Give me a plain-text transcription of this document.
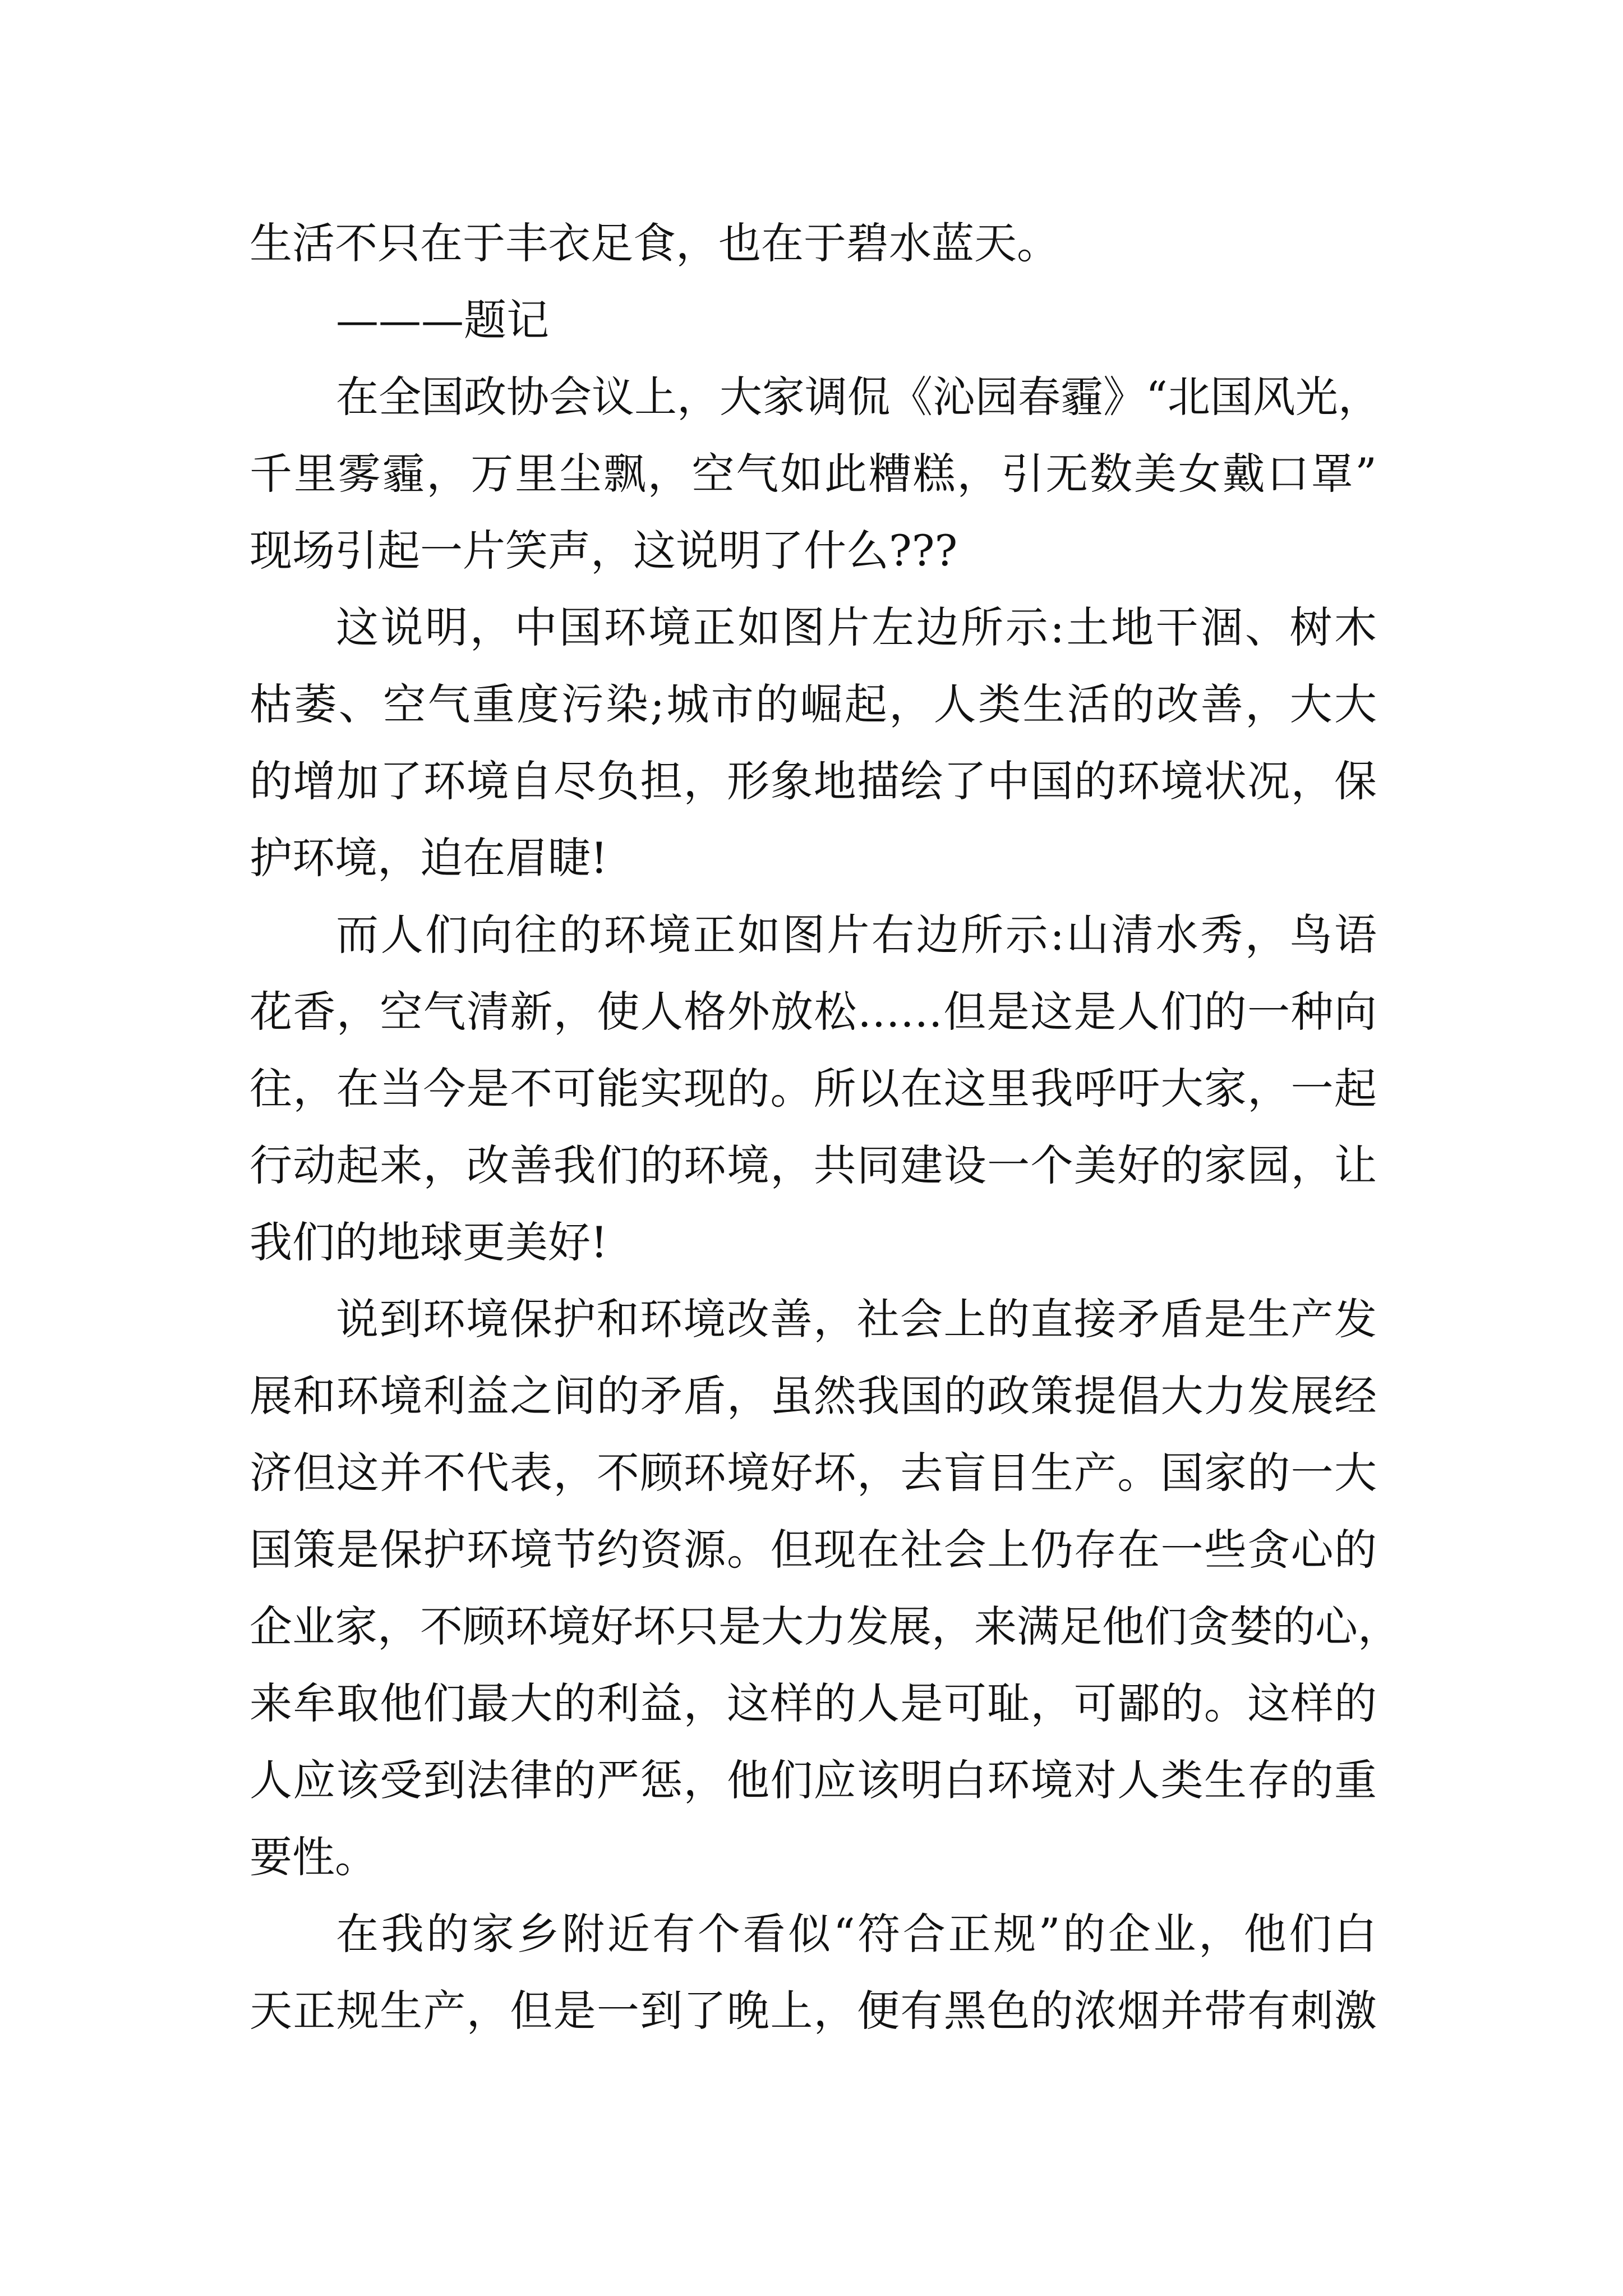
生活不只在于丰衣足食，也在于碧水蓝天。
———题记
在全国政协会议上，大家调侃《沁园春霾》“北国风光，
千里雾霾，万里尘飘，空气如此糟糕，引无数美女戴口罩”
现场引起一片笑声，这说明了什么???
这说明，中国环境正如图片左边所示:土地干涸、树木
枯萎、空气重度污染;城市的崛起，人类生活的改善，大大
的增加了环境自尽负担，形象地描绘了中国的环境状况，保
护环境，迫在眉睫!
而人们向往的环境正如图片右边所示:山清水秀，鸟语
花香，空气清新，使人格外放松……但是这是人们的一种向
往，在当今是不可能实现的。所以在这里我呼吁大家，一起
行动起来，改善我们的环境，共同建设一个美好的家园，让
我们的地球更美好!
说到环境保护和环境改善，社会上的直接矛盾是生产发
展和环境利益之间的矛盾，虽然我国的政策提倡大力发展经
济但这并不代表，不顾环境好坏，去盲目生产。国家的一大
国策是保护环境节约资源。但现在社会上仍存在一些贪心的
企业家，不顾环境好坏只是大力发展，来满足他们贪婪的心，
来牟取他们最大的利益，这样的人是可耻，可鄙的。这样的
人应该受到法律的严惩，他们应该明白环境对人类生存的重
要性。
在我的家乡附近有个看似“符合正规”的企业，他们白
天正规生产，但是一到了晚上，便有黑色的浓烟并带有刺激
